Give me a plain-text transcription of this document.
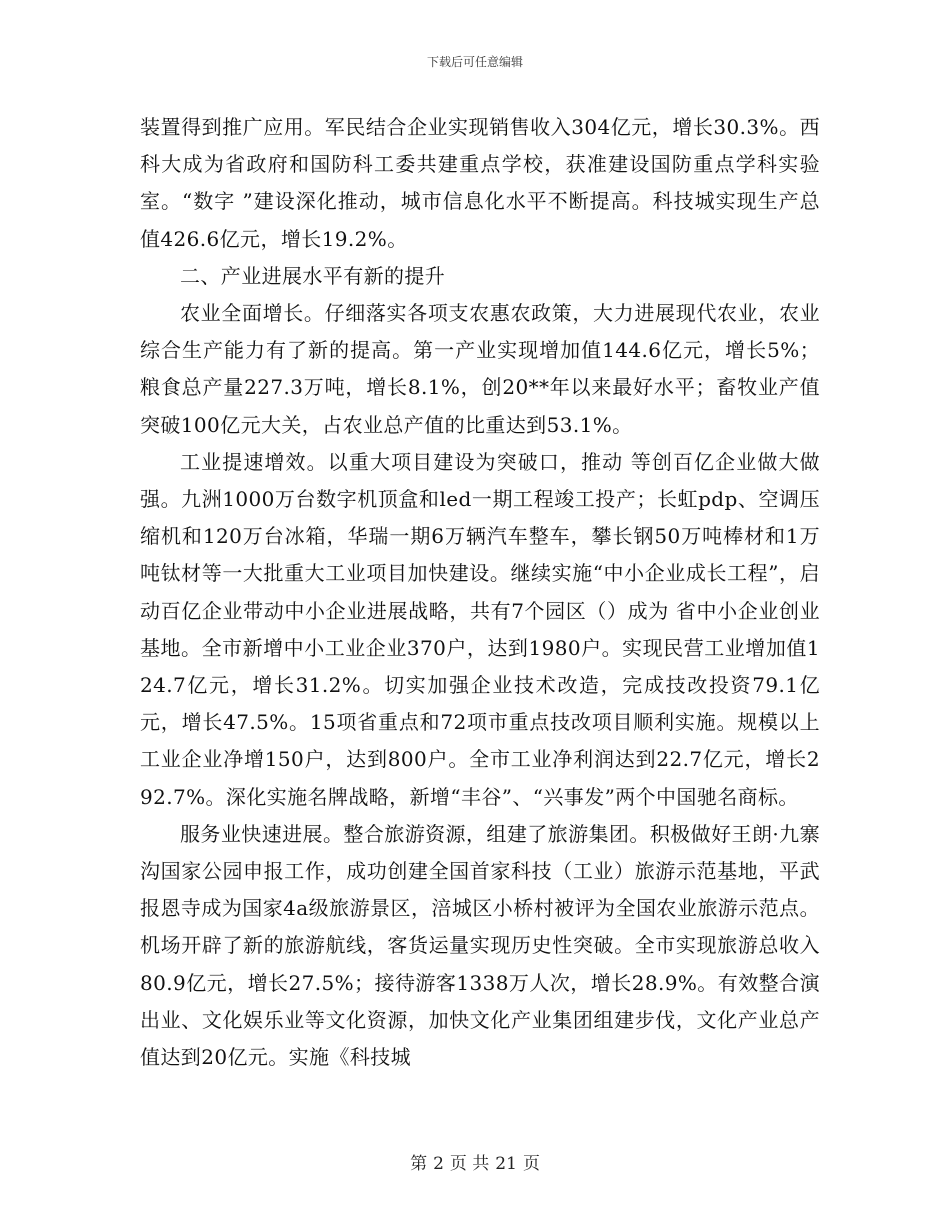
下载后可任意编辑

装置得到推广应用。军民结合企业实现销售收入304亿元，增长30.3%。西科大成为省政府和国防科工委共建重点学校，获准建设国防重点学科实验室。“数字 ”建设深化推动，城市信息化水平不断提高。科技城实现生产总值426.6亿元，增长19.2%。

二、产业进展水平有新的提升

农业全面增长。仔细落实各项支农惠农政策，大力进展现代农业，农业综合生产能力有了新的提高。第一产业实现增加值144.6亿元，增长5%；粮食总产量227.3万吨，增长8.1%，创20**年以来最好水平；畜牧业产值突破100亿元大关，占农业总产值的比重达到53.1%。

工业提速增效。以重大项目建设为突破口，推动 等创百亿企业做大做强。九洲1000万台数字机顶盒和led一期工程竣工投产；长虹pdp、空调压缩机和120万台冰箱，华瑞一期6万辆汽车整车，攀长钢50万吨棒材和1万吨钛材等一大批重大工业项目加快建设。继续实施“中小企业成长工程”，启动百亿企业带动中小企业进展战略，共有7个园区（）成为 省中小企业创业基地。全市新增中小工业企业370户，达到1980户。实现民营工业增加值124.7亿元，增长31.2%。切实加强企业技术改造，完成技改投资79.1亿元，增长47.5%。15项省重点和72项市重点技改项目顺利实施。规模以上工业企业净增150户，达到800户。全市工业净利润达到22.7亿元，增长292.7%。深化实施名牌战略，新增“丰谷”、“兴事发”两个中国驰名商标。

服务业快速进展。整合旅游资源，组建了旅游集团。积极做好王朗·九寨沟国家公园申报工作，成功创建全国首家科技（工业）旅游示范基地，平武报恩寺成为国家4a级旅游景区，涪城区小桥村被评为全国农业旅游示范点。 机场开辟了新的旅游航线，客货运量实现历史性突破。全市实现旅游总收入80.9亿元，增长27.5%；接待游客1338万人次，增长28.9%。有效整合演出业、文化娱乐业等文化资源，加快文化产业集团组建步伐，文化产业总产值达到20亿元。实施《科技城

第 2 页 共 21 页
